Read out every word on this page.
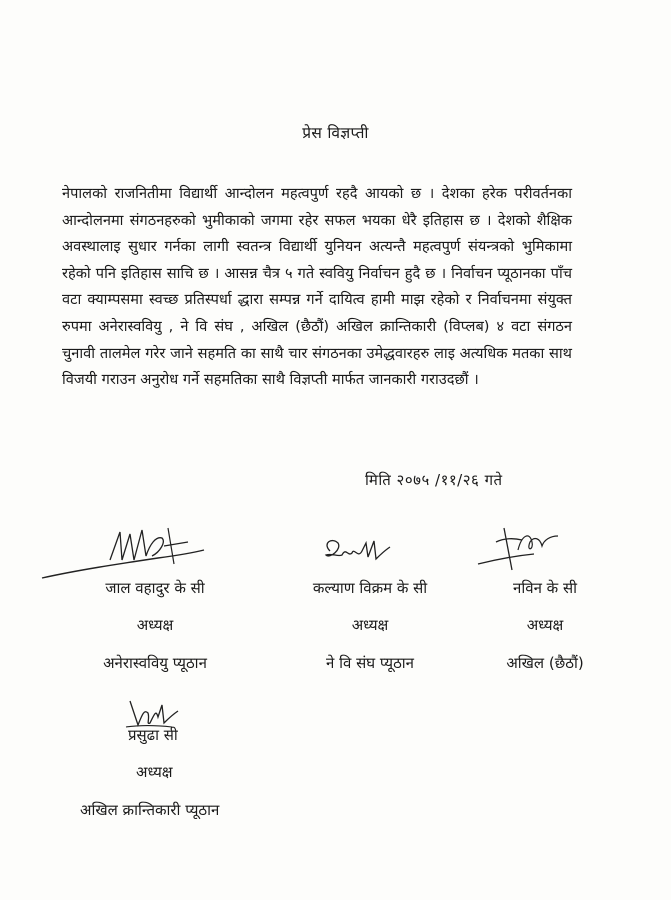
प्रेस विज्ञप्ती
नेपालको राजनितीमा विद्यार्थी आन्दोलन महत्वपुर्ण रहदै आयको छ । देशका हरेक परीवर्तनका आन्दोलनमा संगठनहरुको भुमीकाको जगमा रहेर सफल भयका धेरै इतिहास छ । देशको शैक्षिक अवस्थालाइ सुधार गर्नका लागी स्वतन्त्र विद्यार्थी युनियन अत्यन्तै महत्वपुर्ण संयन्त्रको भुमिकामा रहेको पनि इतिहास साचि छ । आसन्न चैत्र ५ गते स्ववियु निर्वाचन हुदै छ । निर्वाचन प्यूठानका पाँच वटा क्याम्पसमा स्वच्छ प्रतिस्पर्धा द्धारा सम्पन्न गर्ने दायित्व हामी माझ रहेको र निर्वाचनमा संयुक्त रुपमा अनेरास्ववियु , ने वि संघ , अखिल (छैठौं) अखिल क्रान्तिकारी (विप्लब) ४ वटा संगठन चुनावी तालमेल गरेर जाने सहमति का साथै चार संगठनका उमेद्धवारहरु लाइ अत्यधिक मतका साथ विजयी गराउन अनुरोध गर्ने सहमतिका साथै विज्ञप्ती मार्फत जानकारी गराउदछौं ।
मिति २०७५ /११/२६ गते
जाल वहादुर के सी
अध्यक्ष
अनेरास्ववियु प्यूठान
कल्याण विक्रम के सी
अध्यक्ष
ने वि संघ प्यूठान
नविन के सी
अध्यक्ष
अखिल (छैठौं)
प्रसुढा सी
अध्यक्ष
अखिल क्रान्तिकारी प्यूठान
